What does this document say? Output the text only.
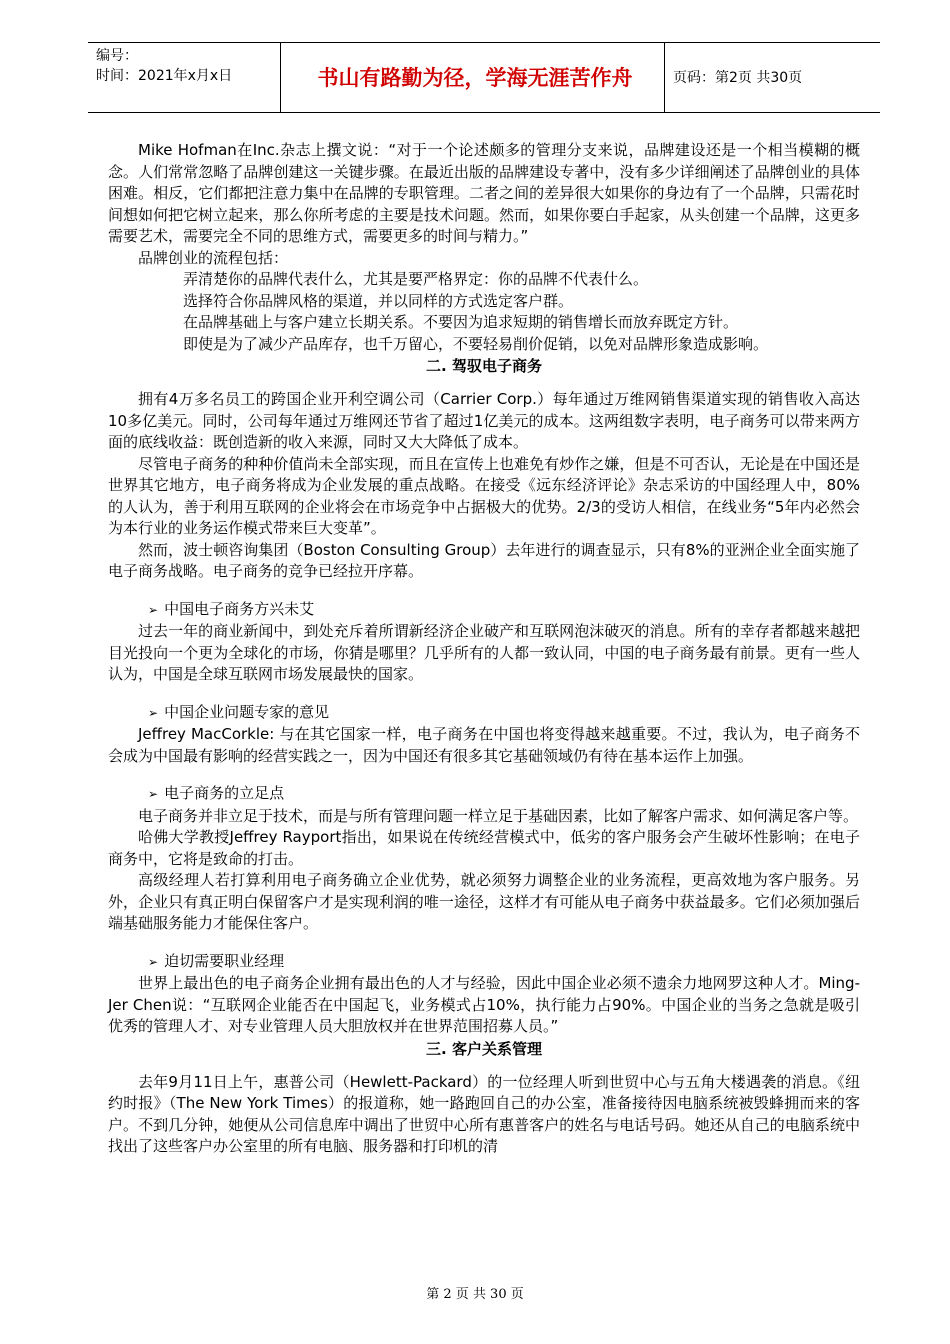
编号：
时间：2021年x月x日	书山有路勤为径，学海无涯苦作舟	页码：第2页 共30页

Mike Hofman在Inc.杂志上撰文说：“对于一个论述颇多的管理分支来说，品牌建设还是一个相当模糊的概念。人们常常忽略了品牌创建这一关键步骤。在最近出版的品牌建设专著中，没有多少详细阐述了品牌创业的具体困难。相反，它们都把注意力集中在品牌的专职管理。二者之间的差异很大如果你的身边有了一个品牌，只需花时间想如何把它树立起来，那么你所考虑的主要是技术问题。然而，如果你要白手起家，从头创建一个品牌，这更多需要艺术，需要完全不同的思维方式，需要更多的时间与精力。”

品牌创业的流程包括：

弄清楚你的品牌代表什么，尤其是要严格界定：你的品牌不代表什么。

选择符合你品牌风格的渠道，并以同样的方式选定客户群。

在品牌基础上与客户建立长期关系。不要因为追求短期的销售增长而放弃既定方针。

即使是为了减少产品库存，也千万留心，不要轻易削价促销，以免对品牌形象造成影响。

二. 驾驭电子商务

拥有4万多名员工的跨国企业开利空调公司（Carrier Corp.）每年通过万维网销售渠道实现的销售收入高达10多亿美元。同时，公司每年通过万维网还节省了超过1亿美元的成本。这两组数字表明，电子商务可以带来两方面的底线收益：既创造新的收入来源，同时又大大降低了成本。

尽管电子商务的种种价值尚未全部实现，而且在宣传上也难免有炒作之嫌，但是不可否认，无论是在中国还是世界其它地方，电子商务将成为企业发展的重点战略。在接受《远东经济评论》杂志采访的中国经理人中，80%的人认为，善于利用互联网的企业将会在市场竞争中占据极大的优势。2/3的受访人相信，在线业务“5年内必然会为本行业的业务运作模式带来巨大变革”。

然而，波士顿咨询集团（Boston Consulting Group）去年进行的调查显示，只有8%的亚洲企业全面实施了电子商务战略。电子商务的竞争已经拉开序幕。

➢ 中国电子商务方兴未艾

过去一年的商业新闻中，到处充斥着所谓新经济企业破产和互联网泡沫破灭的消息。所有的幸存者都越来越把目光投向一个更为全球化的市场，你猜是哪里？几乎所有的人都一致认同，中国的电子商务最有前景。更有一些人认为，中国是全球互联网市场发展最快的国家。

➢ 中国企业问题专家的意见

Jeffrey MacCorkle: 与在其它国家一样，电子商务在中国也将变得越来越重要。不过，我认为，电子商务不会成为中国最有影响的经营实践之一，因为中国还有很多其它基础领域仍有待在基本运作上加强。

➢ 电子商务的立足点

电子商务并非立足于技术，而是与所有管理问题一样立足于基础因素，比如了解客户需求、如何满足客户等。

哈佛大学教授Jeffrey Rayport指出，如果说在传统经营模式中，低劣的客户服务会产生破坏性影响；在电子商务中，它将是致命的打击。

高级经理人若打算利用电子商务确立企业优势，就必须努力调整企业的业务流程，更高效地为客户服务。另外，企业只有真正明白保留客户才是实现利润的唯一途径，这样才有可能从电子商务中获益最多。它们必须加强后端基础服务能力才能保住客户。

➢ 迫切需要职业经理

世界上最出色的电子商务企业拥有最出色的人才与经验，因此中国企业必须不遗余力地网罗这种人才。Ming-Jer Chen说：“互联网企业能否在中国起飞，业务模式占10%，执行能力占90%。中国企业的当务之急就是吸引优秀的管理人才、对专业管理人员大胆放权并在世界范围招募人员。”

三. 客户关系管理

去年9月11日上午，惠普公司（Hewlett-Packard）的一位经理人听到世贸中心与五角大楼遇袭的消息。《纽约时报》（The New York Times）的报道称，她一路跑回自己的办公室，准备接待因电脑系统被毁蜂拥而来的客户。不到几分钟，她便从公司信息库中调出了世贸中心所有惠普客户的姓名与电话号码。她还从自己的电脑系统中找出了这些客户办公室里的所有电脑、服务器和打印机的清

第 2 页 共 30 页
